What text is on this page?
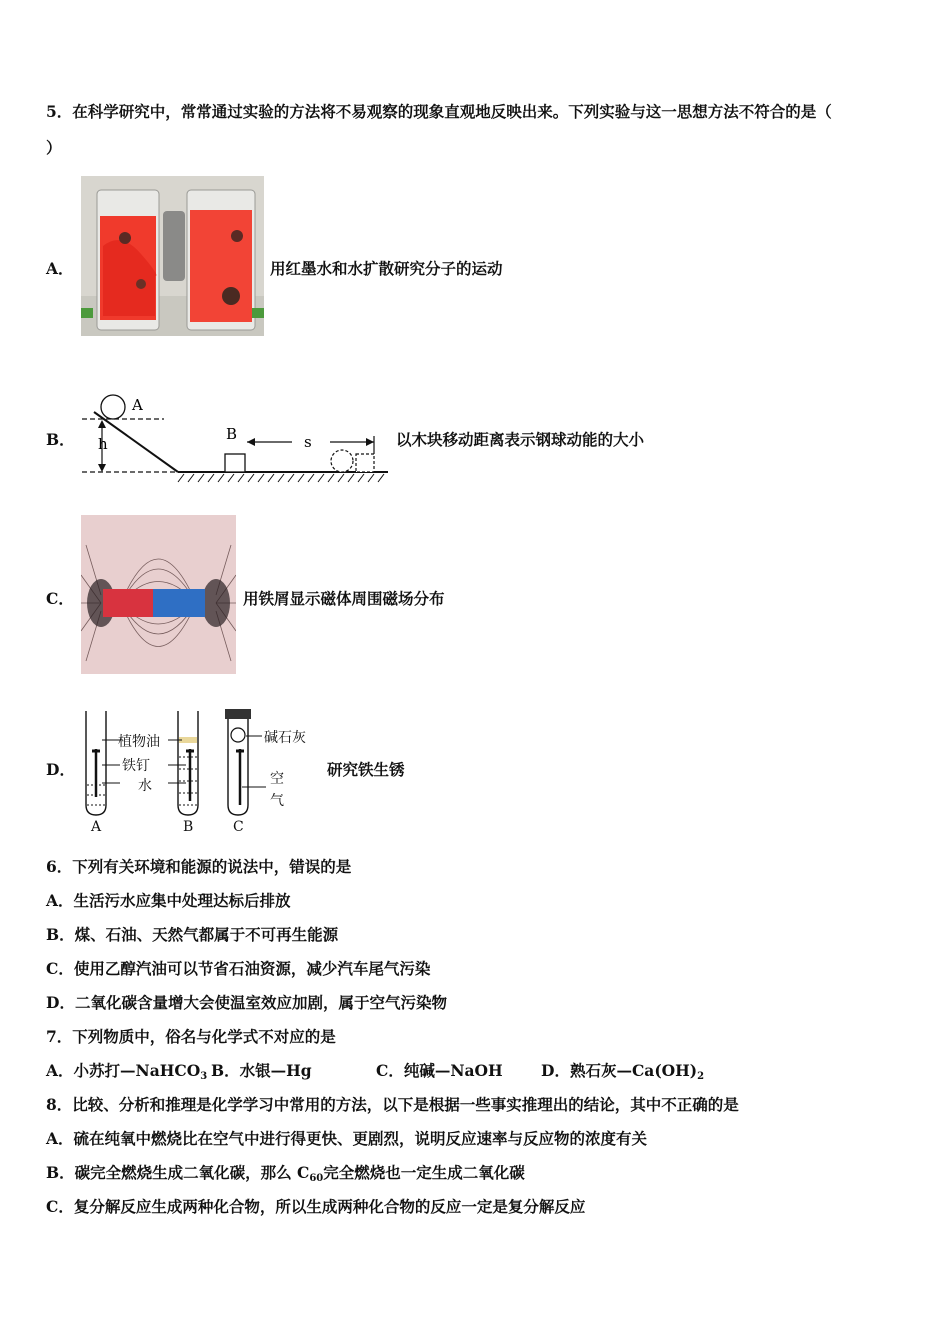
5．在科学研究中，常常通过实验的方法将不易观察的现象直观地反映出来。下列实验与这一思想方法不符合的是（
）
A．	用红墨水和水扩散研究分子的运动
B．
A
h
B	s	以木块移动距离表示钢球动能的大小
C．	用铁屑显示磁体周围磁场分布
D．
植物油
铁钉
水
碱石灰
空
气
A	B	C
研究铁生锈
6．下列有关环境和能源的说法中，错误的是
A．生活污水应集中处理达标后排放
B．煤、石油、天然气都属于不可再生能源
C．使用乙醇汽油可以节省石油资源，减少汽车尾气污染
D．二氧化碳含量增大会使温室效应加剧，属于空气污染物
7．下列物质中，俗名与化学式不对应的是
A．小苏打—NaHCO$_3$ B．水银—Hg	C．纯碱—NaOH D．熟石灰$—Ca(OH)_2$
8．比较、分析和推理是化学学习中常用的方法，以下是根据一些事实推理出的结论，其中不正确的是
A．硫在纯氧中燃烧比在空气中进行得更快、更剧烈，说明反应速率与反应物的浓度有关
B．碳完全燃烧生成二氧化碳，那么 $C_{60}$完全燃烧也一定生成二氧化碳
C．复分解反应生成两种化合物，所以生成两种化合物的反应一定是复分解反应
